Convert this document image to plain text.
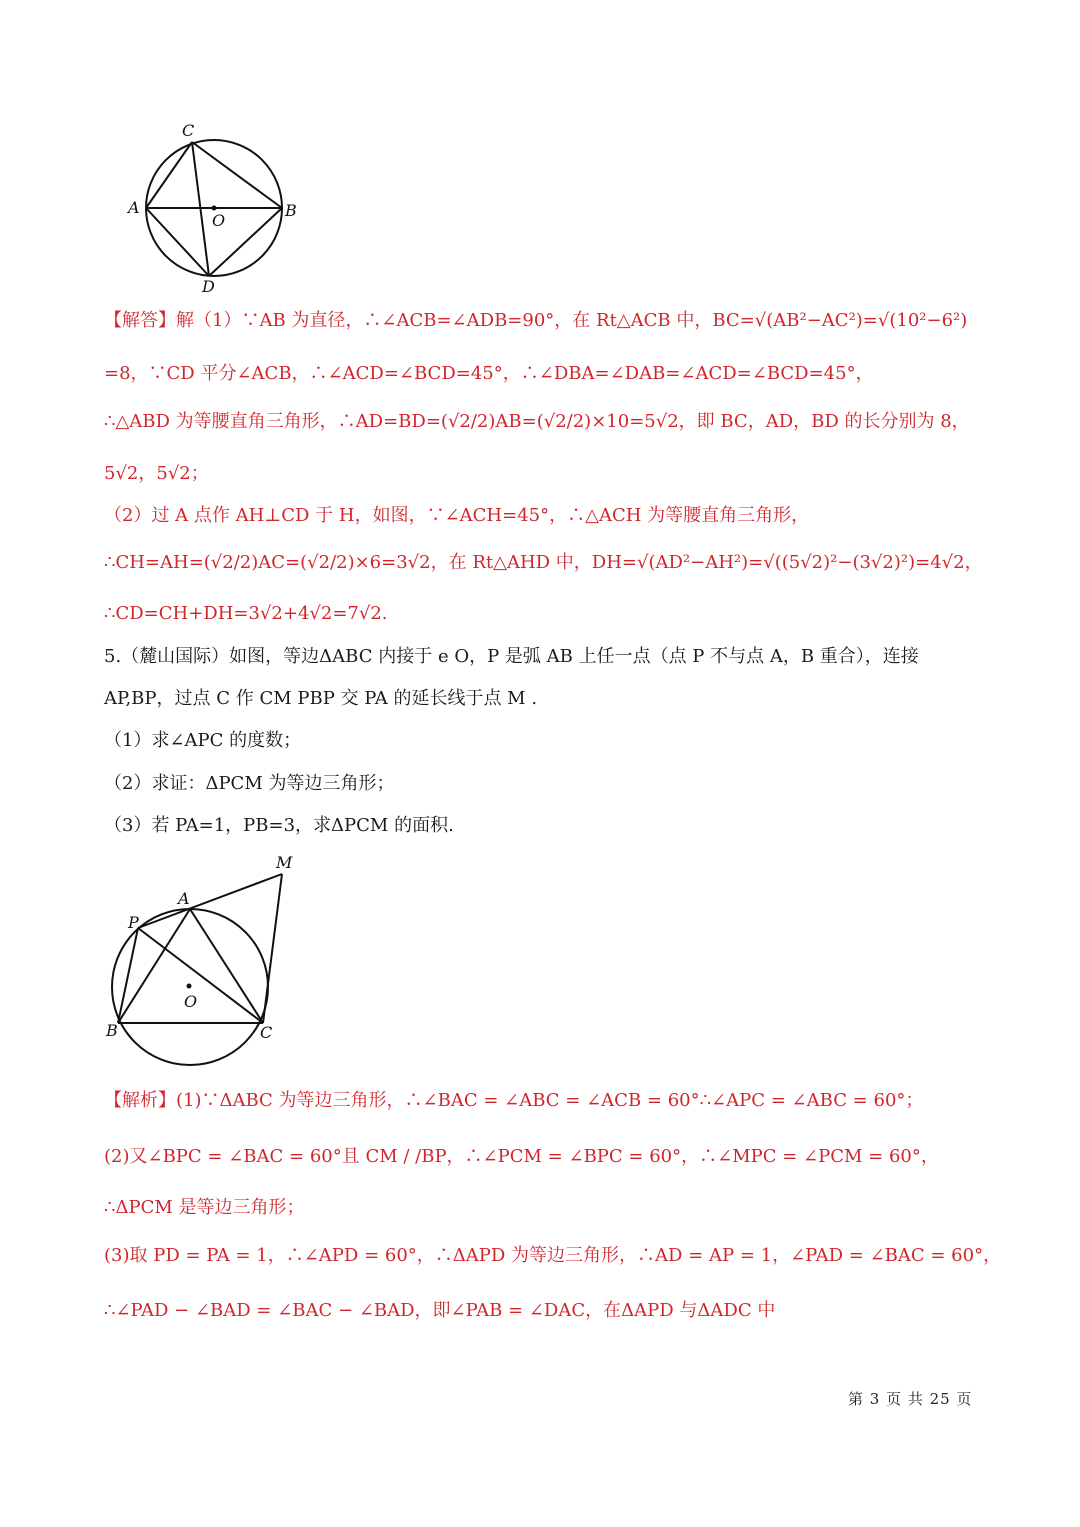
C
A
O
B
D
【解答】解（1）∵AB 为直径，∴∠ACB=∠ADB=90°，在 Rt△ACB 中，BC=√(AB²−AC²)=√(10²−6²)
=8，∵CD 平分∠ACB，∴∠ACD=∠BCD=45°，∴∠DBA=∠DAB=∠ACD=∠BCD=45°，
∴△ABD 为等腰直角三角形，∴AD=BD=(√2/2)AB=(√2/2)×10=5√2，即 BC，AD，BD 的长分别为 8，
5√2，5√2；
（2）过 A 点作 AH⊥CD 于 H，如图，∵∠ACH=45°，∴△ACH 为等腰直角三角形，
∴CH=AH=(√2/2)AC=(√2/2)×6=3√2，在 Rt△AHD 中，DH=√(AD²−AH²)=√((5√2)²−(3√2)²)=4√2，
∴CD=CH+DH=3√2+4√2=7√2.
5.（麓山国际）如图，等边ΔABC 内接于 e O，P 是弧 AB 上任一点（点 P 不与点 A，B 重合），连接
AP,BP，过点 C 作 CM PBP 交 PA 的延长线于点 M .
（1）求∠APC 的度数；
（2）求证：ΔPCM 为等边三角形；
（3）若 PA=1，PB=3，求ΔPCM 的面积.
M
A
P
O
B	C
【解析】(1)∵ΔABC 为等边三角形，∴∠BAC = ∠ABC = ∠ACB = 60°∴∠APC = ∠ABC = 60°；
(2)又∠BPC = ∠BAC = 60°且 CM / /BP，∴∠PCM = ∠BPC = 60°，∴∠MPC = ∠PCM = 60°，
∴ΔPCM 是等边三角形；
(3)取 PD = PA = 1，∴∠APD = 60°，∴ΔAPD 为等边三角形，∴AD = AP = 1，∠PAD = ∠BAC = 60°，
∴∠PAD − ∠BAD = ∠BAC − ∠BAD，即∠PAB = ∠DAC，在ΔAPD 与ΔADC 中
第 3 页 共 25 页
